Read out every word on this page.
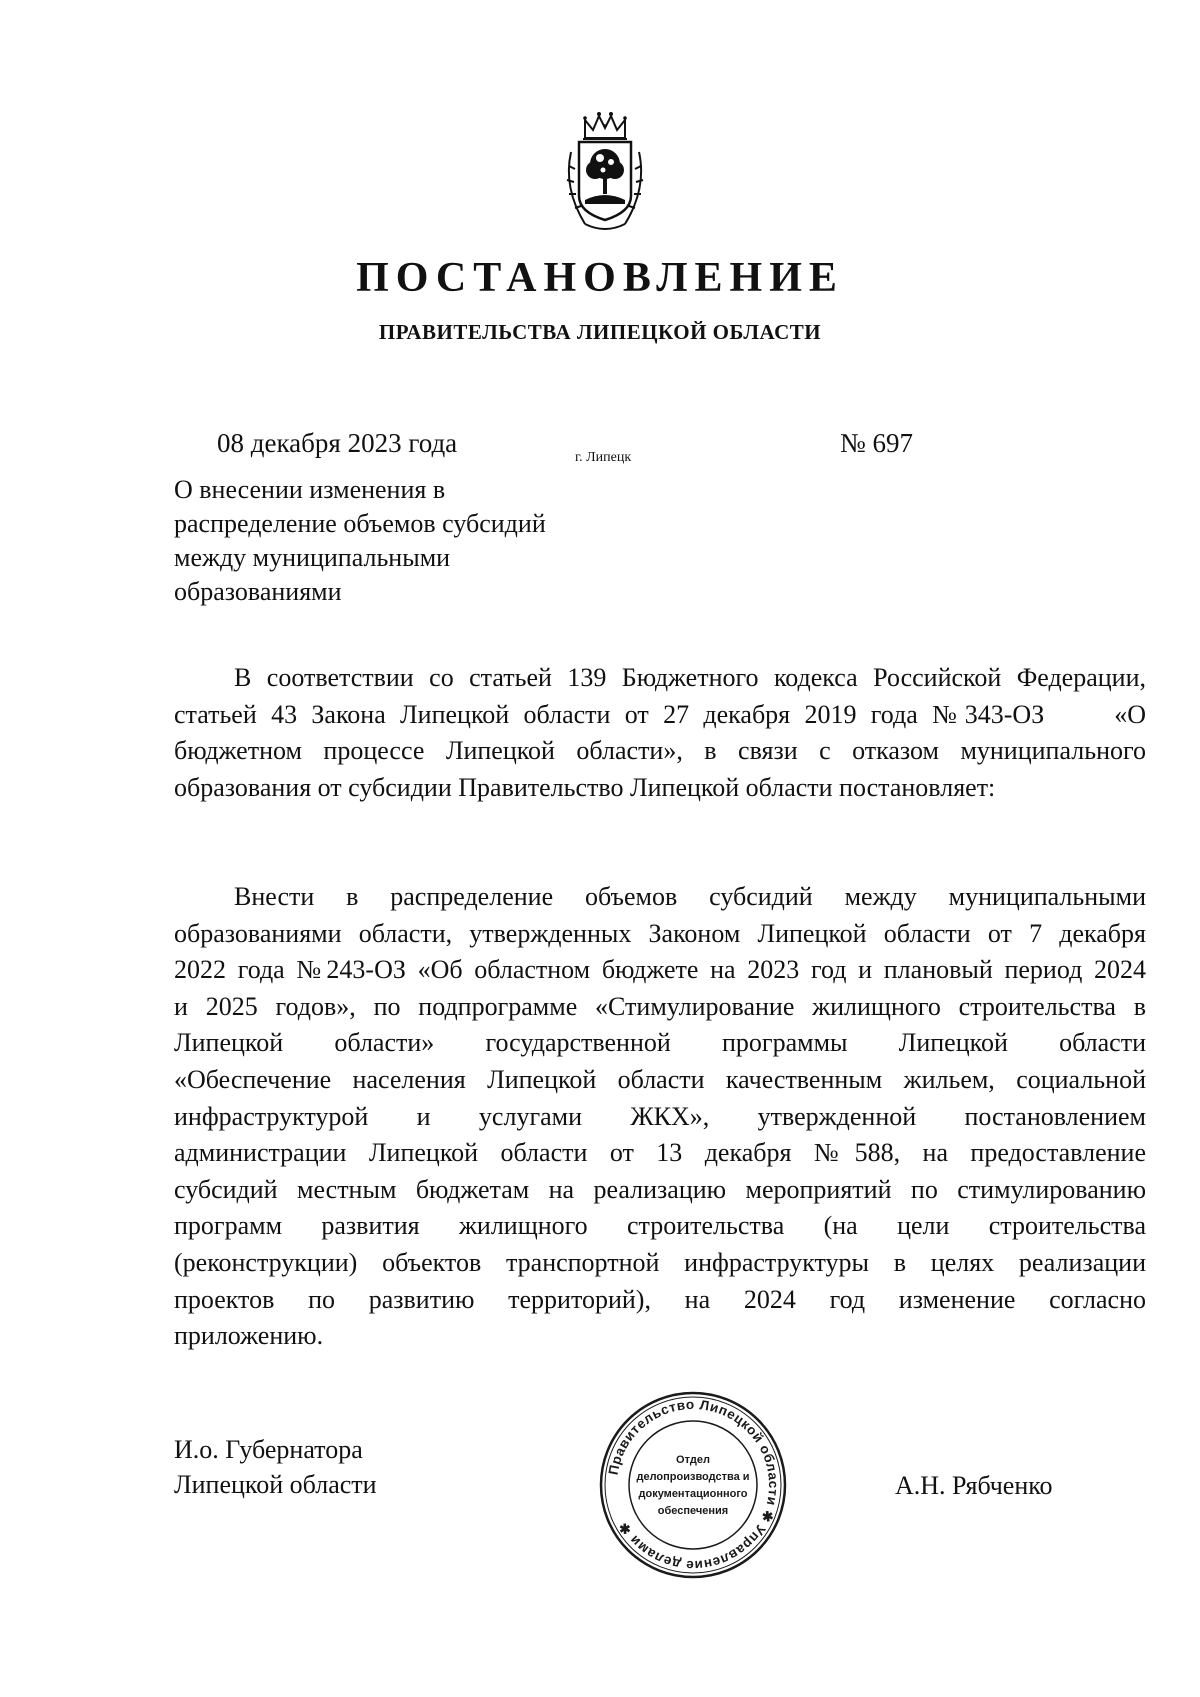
ПОСТАНОВЛЕНИЕ
ПРАВИТЕЛЬСТВА ЛИПЕЦКОЙ ОБЛАСТИ
08 декабря 2023 года	г. Липецк	№ 697
О внесении изменения в
распределение объемов субсидий
между муниципальными
образованиями
В соответствии со статьей 139 Бюджетного кодекса Российской Федерации,
статьей 43 Закона Липецкой области от 27 декабря 2019 года №343-ОЗ	«О
бюджетном процессе Липецкой области», в связи с отказом муниципального
образования от субсидии Правительство Липецкой области постановляет:
Внести в распределение объемов субсидий между муниципальными
образованиями области, утвержденных Законом Липецкой области от 7 декабря
2022 года №243-ОЗ «Об областном бюджете на 2023 год и плановый период 2024
и 2025 годов», по подпрограмме «Стимулирование жилищного строительства в
Липецкой области» государственной программы Липецкой области
«Обеспечение населения Липецкой области качественным жильем, социальной
инфраструктурой и услугами ЖКХ», утвержденной постановлением
администрации Липецкой области от 13 декабря №588, на предоставление
субсидий местным бюджетам на реализацию мероприятий по стимулированию
программ развития жилищного строительства (на цели строительства
(реконструкции) объектов транспортной инфраструктуры в целях реализации
проектов по развитию территорий), на 2024 год изменение согласно
приложению.
И.о. Губернатора
Липецкой области	А.Н. Рябченко
Правительство Липецкой области ✱ Управление делами ✱
Отдел
делопроизводства и
документационного
обеспечения
